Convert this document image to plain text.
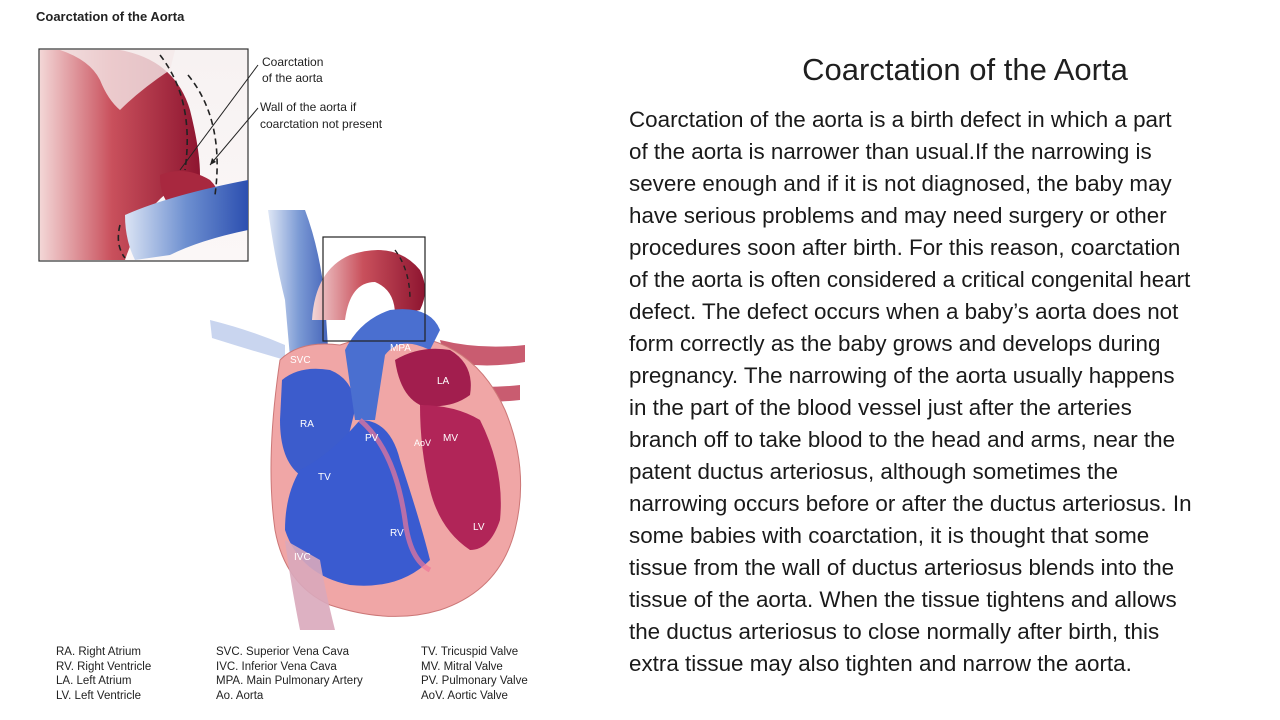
Coarctation of the Aorta
Coarctation
of the aorta
Wall of the aorta if
coarctation not present
Ao
MPA
SVC
LA
RA
PV	AoV MV
TV
RV
LV
IVC
RA. Right Atrium
RV. Right Ventricle
LA. Left Atrium
LV. Left Ventricle
SVC. Superior Vena Cava
IVC. Inferior Vena Cava
MPA. Main Pulmonary Artery
Ao. Aorta
TV. Tricuspid Valve
MV. Mitral Valve
PV. Pulmonary Valve
AoV. Aortic Valve
Coarctation of the Aorta
Coarctation of the aorta is a birth defect in which a part
of the aorta is narrower than usual.If the narrowing is
severe enough and if it is not diagnosed, the baby may
have serious problems and may need surgery or other
procedures soon after birth. For this reason, coarctation
of the aorta is often considered a critical congenital heart
defect. The defect occurs when a baby’s aorta does not
form correctly as the baby grows and develops during
pregnancy. The narrowing of the aorta usually happens
in the part of the blood vessel just after the arteries
branch off to take blood to the head and arms, near the
patent ductus arteriosus, although sometimes the
narrowing occurs before or after the ductus arteriosus. In
some babies with coarctation, it is thought that some
tissue from the wall of ductus arteriosus blends into the
tissue of the aorta. When the tissue tightens and allows
the ductus arteriosus to close normally after birth, this
extra tissue may also tighten and narrow the aorta.
